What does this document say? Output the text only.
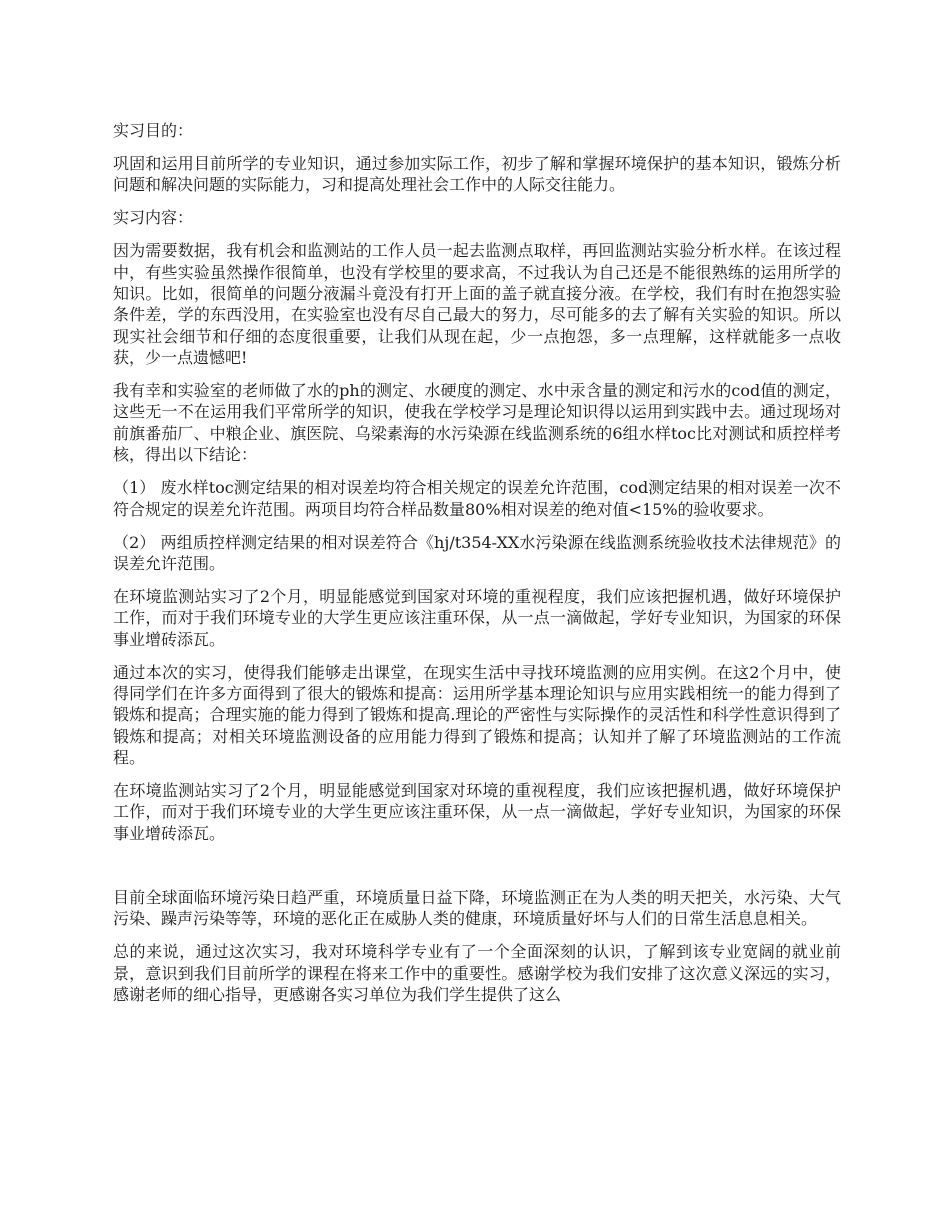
实习目的：

巩固和运用目前所学的专业知识，通过参加实际工作，初步了解和掌握环境保护的基本知识，锻炼分析问题和解决问题的实际能力，习和提高处理社会工作中的人际交往能力。

实习内容：

因为需要数据，我有机会和监测站的工作人员一起去监测点取样，再回监测站实验分析水样。在该过程中，有些实验虽然操作很简单，也没有学校里的要求高，不过我认为自己还是不能很熟练的运用所学的知识。比如，很简单的问题分液漏斗竟没有打开上面的盖子就直接分液。在学校，我们有时在抱怨实验条件差，学的东西没用，在实验室也没有尽自己最大的努力，尽可能多的去了解有关实验的知识。所以现实社会细节和仔细的态度很重要，让我们从现在起，少一点抱怨，多一点理解，这样就能多一点收获，少一点遗憾吧!

我有幸和实验室的老师做了水的ph的测定、水硬度的测定、水中汞含量的测定和污水的cod值的测定，这些无一不在运用我们平常所学的知识，使我在学校学习是理论知识得以运用到实践中去。通过现场对前旗番茄厂、中粮企业、旗医院、乌梁素海的水污染源在线监测系统的6组水样toc比对测试和质控样考核，得出以下结论：

（1） 废水样toc测定结果的相对误差均符合相关规定的误差允许范围，cod测定结果的相对误差一次不符合规定的误差允许范围。两项目均符合样品数量80%相对误差的绝对值<15%的验收要求。

（2） 两组质控样测定结果的相对误差符合《hj/t354-XX水污染源在线监测系统验收技术法律规范》的误差允许范围。

在环境监测站实习了2个月，明显能感觉到国家对环境的重视程度，我们应该把握机遇，做好环境保护工作，而对于我们环境专业的大学生更应该注重环保，从一点一滴做起，学好专业知识，为国家的环保事业增砖添瓦。

通过本次的实习，使得我们能够走出课堂，在现实生活中寻找环境监测的应用实例。在这2个月中，使得同学们在许多方面得到了很大的锻炼和提高：运用所学基本理论知识与应用实践相统一的能力得到了锻炼和提高；合理实施的能力得到了锻炼和提高.理论的严密性与实际操作的灵活性和科学性意识得到了锻炼和提高；对相关环境监测设备的应用能力得到了锻炼和提高；认知并了解了环境监测站的工作流程。

在环境监测站实习了2个月，明显能感觉到国家对环境的重视程度，我们应该把握机遇，做好环境保护工作，而对于我们环境专业的大学生更应该注重环保，从一点一滴做起，学好专业知识，为国家的环保事业增砖添瓦。

目前全球面临环境污染日趋严重，环境质量日益下降，环境监测正在为人类的明天把关，水污染、大气污染、躁声污染等等，环境的恶化正在威胁人类的健康，环境质量好坏与人们的日常生活息息相关。

总的来说，通过这次实习，我对环境科学专业有了一个全面深刻的认识，了解到该专业宽阔的就业前景，意识到我们目前所学的课程在将来工作中的重要性。感谢学校为我们安排了这次意义深远的实习，感谢老师的细心指导，更感谢各实习单位为我们学生提供了这么
